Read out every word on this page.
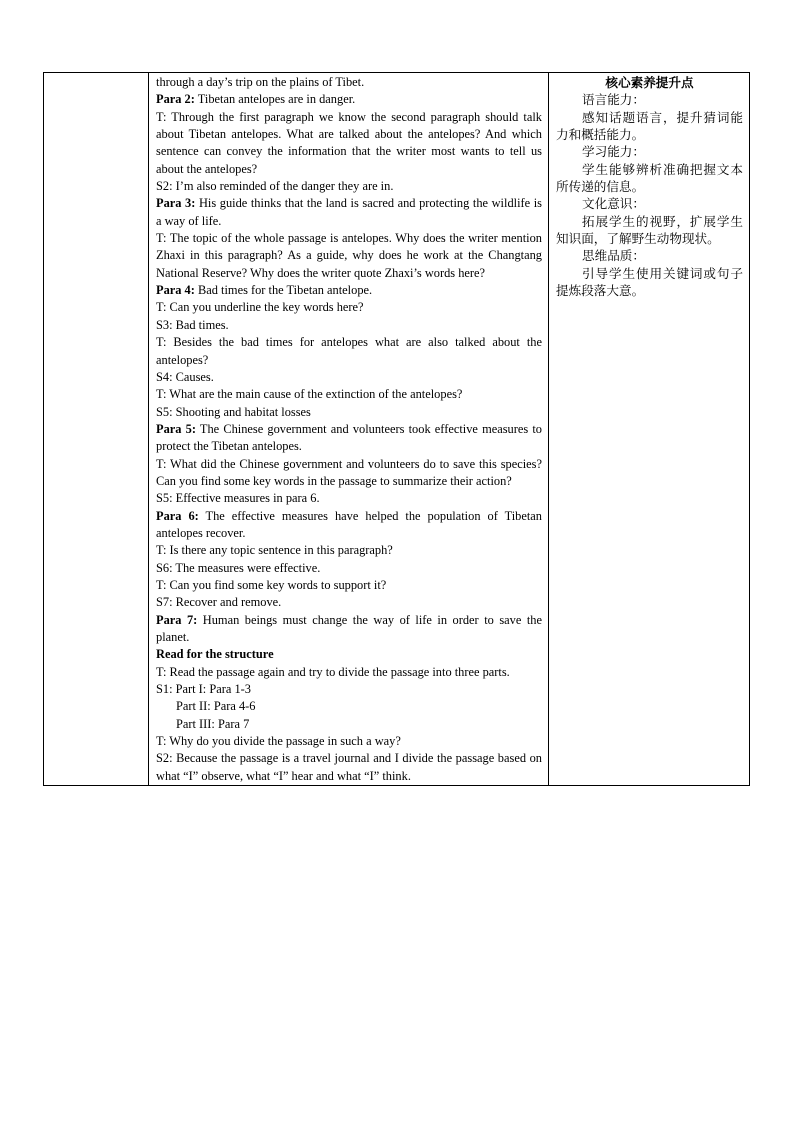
through a day’s trip on the plains of Tibet.
Para 2: Tibetan antelopes are in danger.
T: Through the first paragraph we know the second paragraph should talk about Tibetan antelopes. What are talked about the antelopes? And which sentence can convey the information that the writer most wants to tell us about the antelopes?
S2: I’m also reminded of the danger they are in.
Para 3: His guide thinks that the land is sacred and protecting the wildlife is a way of life.
T: The topic of the whole passage is antelopes. Why does the writer mention Zhaxi in this paragraph? As a guide, why does he work at the Changtang National Reserve? Why does the writer quote Zhaxi’s words here?
Para 4: Bad times for the Tibetan antelope.
T: Can you underline the key words here?
S3: Bad times.
T: Besides the bad times for antelopes what are also talked about the antelopes?
S4: Causes.
T: What are the main cause of the extinction of the antelopes?
S5: Shooting and habitat losses
Para 5: The Chinese government and volunteers took effective measures to protect the Tibetan antelopes.
T: What did the Chinese government and volunteers do to save this species? Can you find some key words in the passage to summarize their action?
S5: Effective measures in para 6.
Para 6: The effective measures have helped the population of Tibetan antelopes recover.
T: Is there any topic sentence in this paragraph?
S6: The measures were effective.
T: Can you find some key words to support it?
S7: Recover and remove.
Para 7: Human beings must change the way of life in order to save the planet.
Read for the structure
T: Read the passage again and try to divide the passage into three parts.
S1: Part I: Para 1-3
Part II: Para 4-6
Part III: Para 7
T: Why do you divide the passage in such a way?
S2: Because the passage is a travel journal and I divide the passage based on what “I” observe, what “I” hear and what “I” think.

核心素养提升点
语言能力：
感知话题语言，提升猜词能力和概括能力。
学习能力：
学生能够辨析准确把握文本所传递的信息。
文化意识：
拓展学生的视野，扩展学生知识面，了解野生动物现状。
思维品质：
引导学生使用关键词或句子提炼段落大意。
